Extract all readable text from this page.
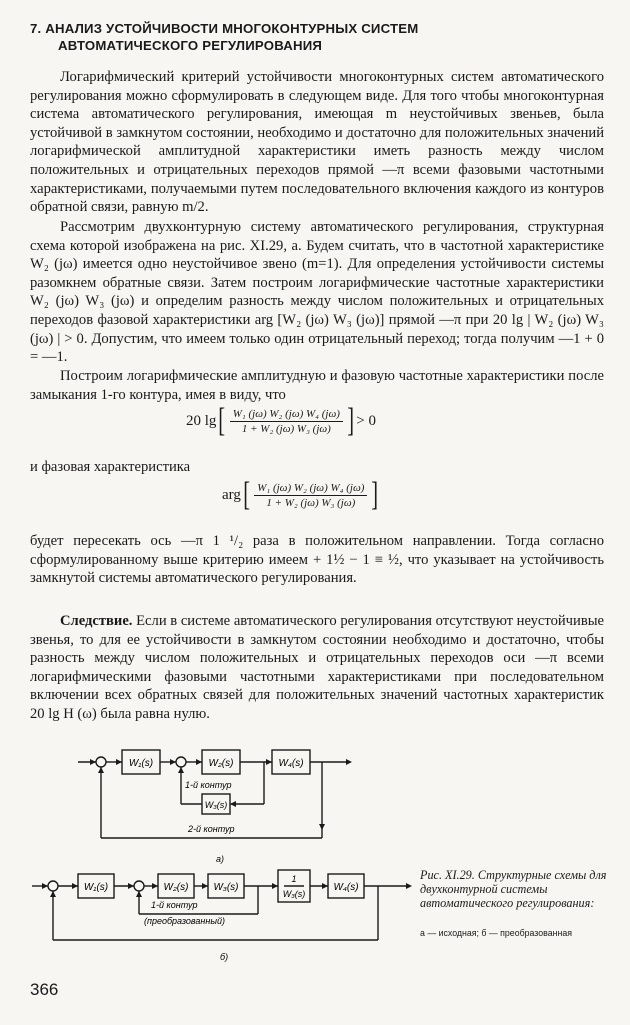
7. АНАЛИЗ УСТОЙЧИВОСТИ МНОГОКОНТУРНЫХ СИСТЕМ
АВТОМАТИЧЕСКОГО РЕГУЛИРОВАНИЯ

Логарифмический критерий устойчивости многоконтурных систем автоматического регулирования можно сформулировать в следующем виде. Для того чтобы многоконтурная система автоматического регулирования, имеющая m неустойчивых звеньев, была устойчивой в замкнутом состоянии, необходимо и достаточно для положительных значений логарифмической амплитудной характеристики иметь разность между числом положительных и отрицательных переходов прямой —π всеми фазовыми частотными характеристиками, получаемыми путем последовательного включения каждого из контуров обратной связи, равную m/2.

Рассмотрим двухконтурную систему автоматического регулирования, структурная схема которой изображена на рис. XI.29, а. Будем считать, что в частотной характеристике W₂ (jω) имеется одно неустойчивое звено (m=1). Для определения устойчивости системы разомкнем обратные связи. Затем построим логарифмические частотные характеристики W₂ (jω) W₃ (jω) и определим разность между числом положительных и отрицательных переходов фазовой характеристики arg [W₂ (jω) W₃ (jω)] прямой —π при 20 lg | W₂ (jω) W₃ (jω) | > 0. Допустим, что имеем только один отрицательный переход; тогда получим —1 + 0 = —1.

Построим логарифмические амплитудную и фазовую частотные характеристики после замыкания 1-го контура, имея в виду, что

20 lg [ $\frac{\text{W₁ (jω) W₂ (jω) W₄ (jω)}}{\text{1 + W₂ (jω) W₃ (jω)}}$ ] > 0

и фазовая характеристика

arg [ $\frac{\text{W₁ (jω) W₂ (jω) W₄ (jω)}}{\text{1 + W₂ (jω) W₃ (jω)}}$ ]

будет пересекать ось —π 1 ¹/₂ раза в положительном направлении. Тогда согласно сформулированному выше критерию имеем + 1½ − 1 ≡ ½, что указывает на устойчивость замкнутой системы автоматического регулирования.

Следствие. Если в системе автоматического регулирования отсутствуют неустойчивые звенья, то для ее устойчивости в замкнутом состоянии необходимо и достаточно, чтобы разность между числом положительных и отрицательных переходов оси —π всеми логарифмическими фазовыми частотными характеристиками при последовательном включении всех обратных связей для положительных значений частотных характеристик 20 lg H (ω) была равна нулю.

W₁(s)	W₂(s)
W₃(s)
W₄(s)
1-й контур
2-й контур
а)
W₁(s)	W₂(s)	W₃(s)
1
W₃(s)
W₄(s)
1-й контур
(преобразованный)
б)
Рис. XI.29. Структурные схемы для двухконтурной системы автоматического регулирования:
а — исходная; б — преобразованная
366
